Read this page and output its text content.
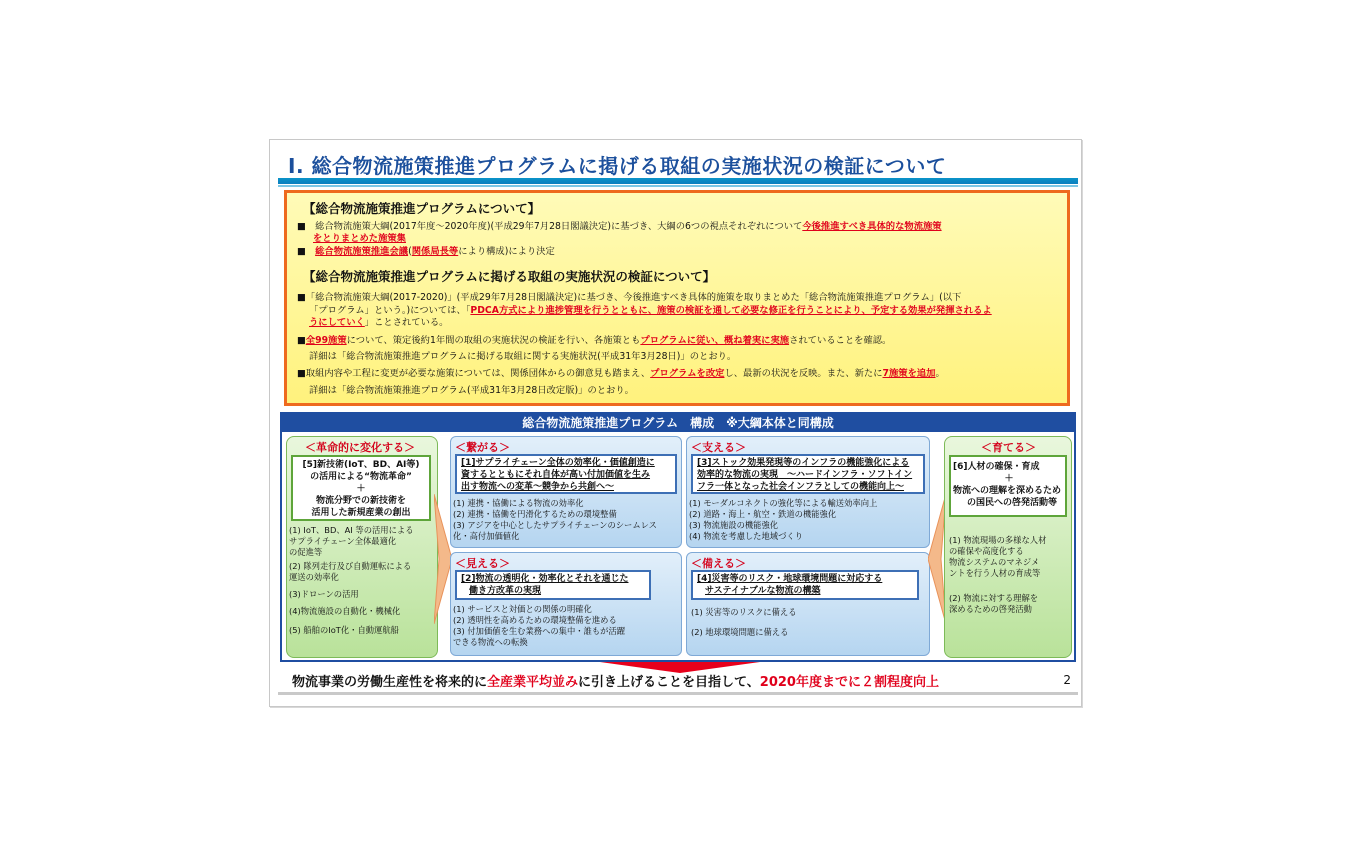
Ⅰ. 総合物流施策推進プログラムに掲げる取組の実施状況の検証について
【総合物流施策推進プログラムについて】
■　総合物流施策大綱(2017年度～2020年度)(平成29年7月28日閣議決定)に基づき、大綱の6つの視点それぞれについて今後推進すべき具体的な物流施策
をとりまとめた施策集
■　総合物流施策推進会議(関係局長等により構成)により決定
【総合物流施策推進プログラムに掲げる取組の実施状況の検証について】
■「総合物流施策大綱(2017-2020)」(平成29年7月28日閣議決定)に基づき、今後推進すべき具体的施策を取りまとめた「総合物流施策推進プログラム」(以下
「プログラム」という。)については、「PDCA方式により進捗管理を行うとともに、施策の検証を通して必要な修正を行うことにより、予定する効果が発揮されるよ
うにしていく」ことされている。
■全99施策について、策定後約1年間の取組の実施状況の検証を行い、各施策ともプログラムに従い、概ね着実に実施されていることを確認。
詳細は「総合物流施策推進プログラムに掲げる取組に関する実施状況(平成31年3月28日)」のとおり。
■取組内容や工程に変更が必要な施策については、関係団体からの御意見も踏まえ、プログラムを改定し、最新の状況を反映。また、新たに7施策を追加。
詳細は「総合物流施策推進プログラム(平成31年3月28日改定版)」のとおり。
総合物流施策推進プログラム　構成　※大綱本体と同構成
＜革命的に変化する＞
[5]新技術(IoT、BD、AI等)
の活用による“物流革命”
＋
物流分野での新技術を
活用した新規産業の創出
(1) IoT、BD、AI 等の活用による
サプライチェーン全体最適化
の促進等
(2) 隊列走行及び自動運転による
運送の効率化
(3)ドローンの活用
(4)物流施設の自動化・機械化
(5) 船舶のIoT化・自動運航船
＜繋がる＞
[1]サプライチェーン全体の効率化・価値創造に
資するとともにそれ自体が高い付加価値を生み
出す物流への変革～競争から共創へ～
(1) 連携・協働による物流の効率化
(2) 連携・協働を円滑化するための環境整備
(3) アジアを中心としたサプライチェーンのシームレス
化・高付加価値化
＜支える＞
[3]ストック効果発現等のインフラの機能強化による
効率的な物流の実現　～ハードインフラ・ソフトイン
フラ一体となった社会インフラとしての機能向上～
(1) モーダルコネクトの強化等による輸送効率向上
(2) 道路・海上・航空・鉄道の機能強化
(3) 物流施設の機能強化
(4) 物流を考慮した地域づくり
＜見える＞
[2]物流の透明化・効率化とそれを通じた
働き方改革の実現
(1) サービスと対価との関係の明確化
(2) 透明性を高めるための環境整備を進める
(3) 付加価値を生む業務への集中・誰もが活躍
できる物流への転換
＜備える＞
[4]災害等のリスク・地球環境問題に対応する
サステイナブルな物流の構築
(1) 災害等のリスクに備える
(2) 地球環境問題に備える
＜育てる＞
[6]人材の確保・育成
＋
物流への理解を深めるため
の国民への啓発活動等
(1) 物流現場の多様な人材
の確保や高度化する
物流システムのマネジメ
ントを行う人材の育成等
(2) 物流に対する理解を
深めるための啓発活動
物流事業の労働生産性を将来的に全産業平均並みに引き上げることを目指して、2020年度までに２割程度向上	2
